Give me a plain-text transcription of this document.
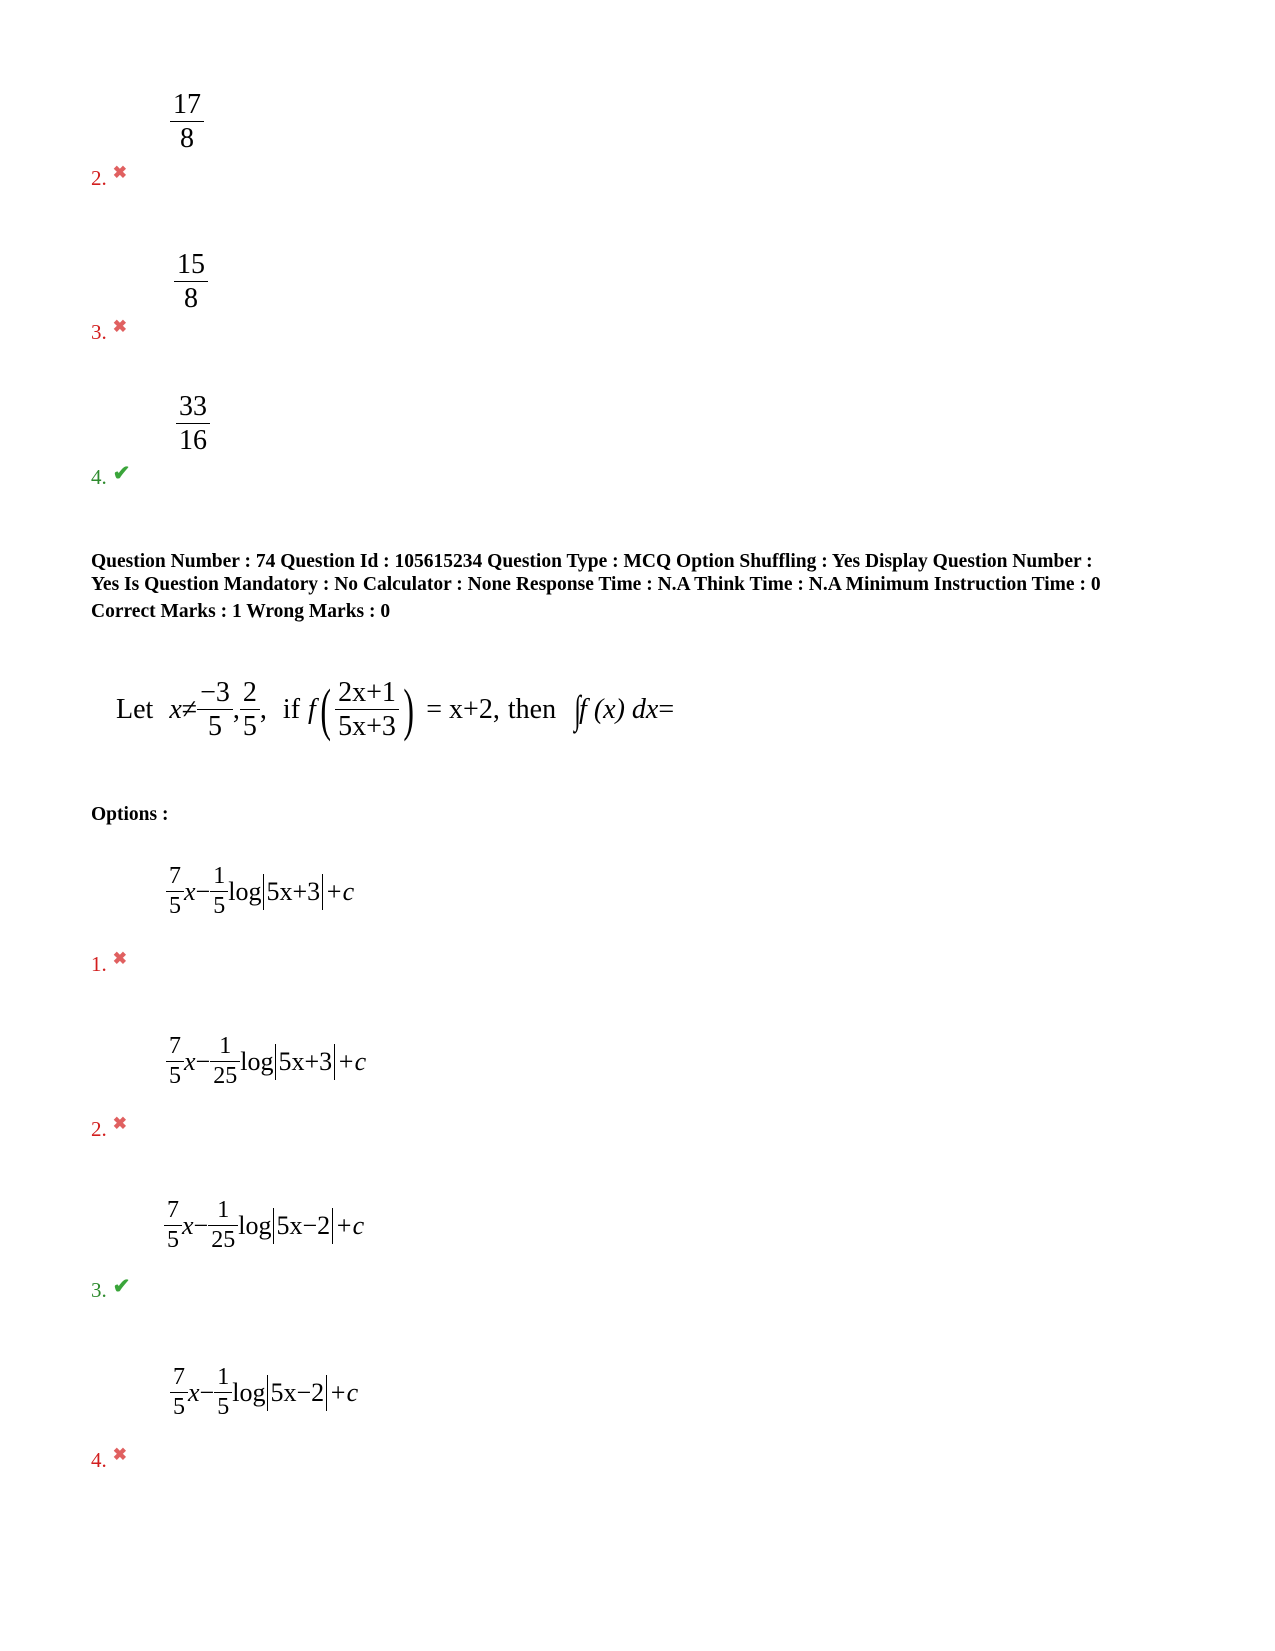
$\frac{17}{8}$
2. ✖
$\frac{15}{8}$
3. ✖
$\frac{33}{16}$
4. ✔
Question Number : 74 Question Id : 105615234 Question Type : MCQ Option Shuffling : Yes Display Question Number :
Yes Is Question Mandatory : No Calculator : None Response Time : N.A Think Time : N.A Minimum Instruction Time : 0
Correct Marks : 1 Wrong Marks : 0
Let $x \ne \frac{-3}{5}$ , $\frac{2}{5}$ , if f ( $\frac{2x+1}{5x+3}$ ) = x+2, then ∫
f (x) dx =
Options :
$\frac{7}{5}$ $x - \frac{1}{5}$ log 5x+3 +c
1. ✖
$\frac{7}{5}$ $x - \frac{1}{25}$ log 5x+3 +c
2. ✖
$\frac{7}{5}$ $x - \frac{1}{25}$ log 5x−2 +c
3. ✔
$\frac{7}{5}$ $x - \frac{1}{5}$ log 5x−2 +c
4. ✖
